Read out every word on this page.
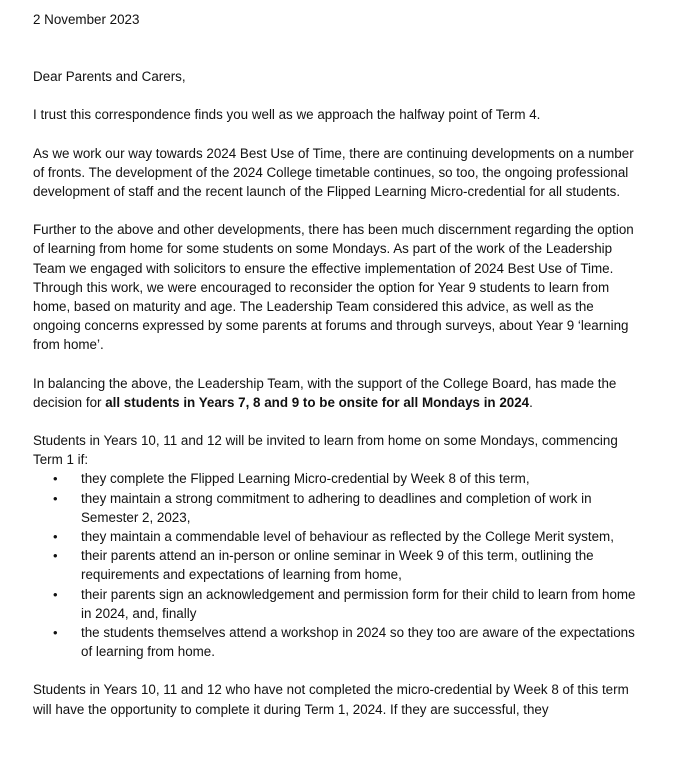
2 November 2023

Dear Parents and Carers,

I trust this correspondence finds you well as we approach the halfway point of Term 4.

As we work our way towards 2024 Best Use of Time, there are continuing developments on a number of fronts. The development of the 2024 College timetable continues, so too, the ongoing professional development of staff and the recent launch of the Flipped Learning Micro-credential for all students.

Further to the above and other developments, there has been much discernment regarding the option of learning from home for some students on some Mondays. As part of the work of the Leadership Team we engaged with solicitors to ensure the effective implementation of 2024 Best Use of Time. Through this work, we were encouraged to reconsider the option for Year 9 students to learn from home, based on maturity and age. The Leadership Team considered this advice, as well as the ongoing concerns expressed by some parents at forums and through surveys, about Year 9 ‘learning from home’.

In balancing the above, the Leadership Team, with the support of the College Board, has made the decision for all students in Years 7, 8 and 9 to be onsite for all Mondays in 2024.

Students in Years 10, 11 and 12 will be invited to learn from home on some Mondays, commencing Term 1 if:

• they complete the Flipped Learning Micro-credential by Week 8 of this term,
• they maintain a strong commitment to adhering to deadlines and completion of work in Semester 2, 2023,
• they maintain a commendable level of behaviour as reflected by the College Merit system,
• their parents attend an in-person or online seminar in Week 9 of this term, outlining the requirements and expectations of learning from home,
• their parents sign an acknowledgement and permission form for their child to learn from home in 2024, and, finally
• the students themselves attend a workshop in 2024 so they too are aware of the expectations of learning from home.

Students in Years 10, 11 and 12 who have not completed the micro-credential by Week 8 of this term will have the opportunity to complete it during Term 1, 2024. If they are successful, they
